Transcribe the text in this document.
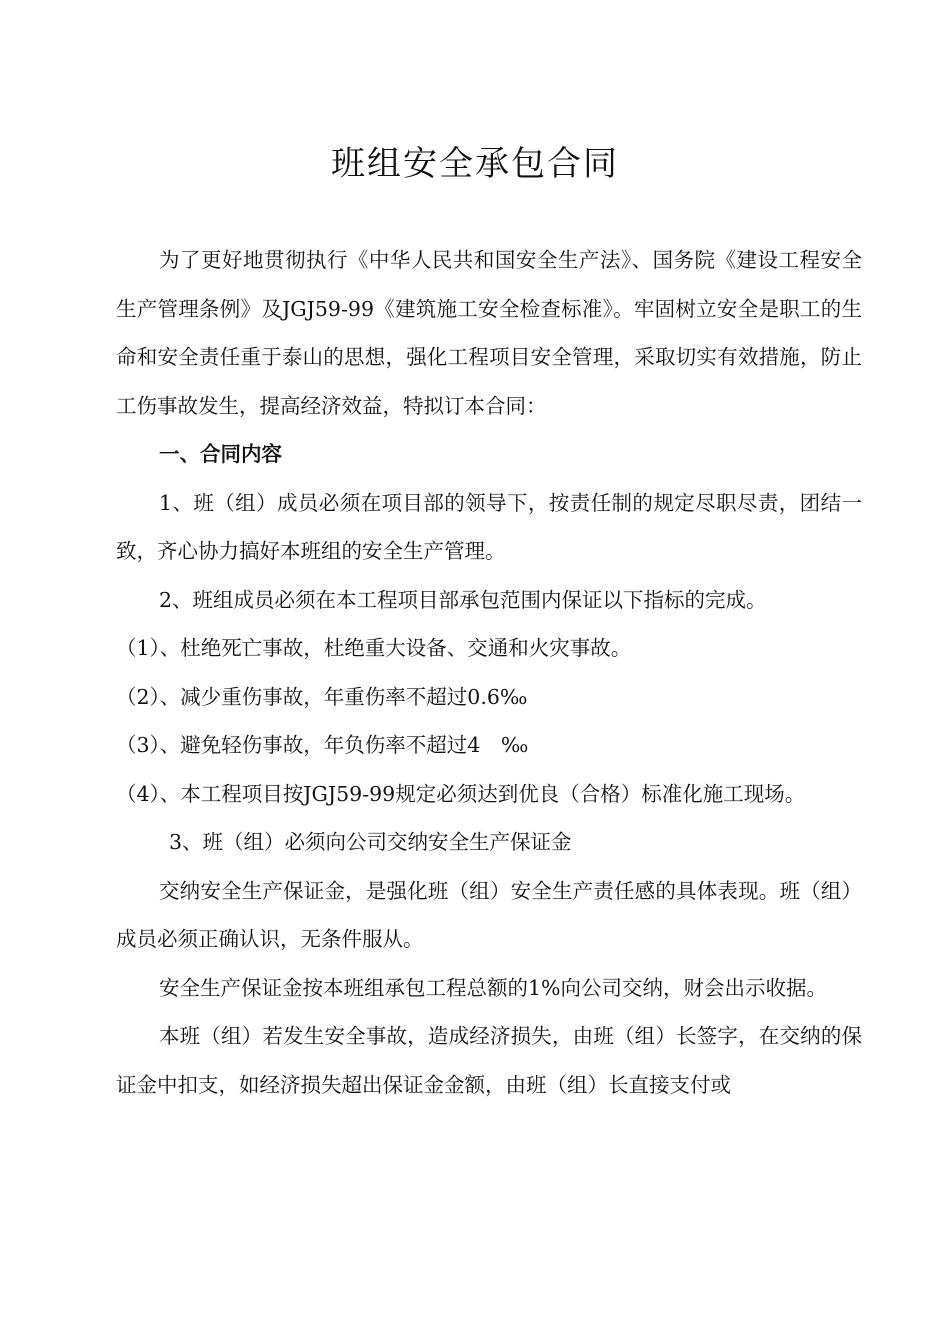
班组安全承包合同

为了更好地贯彻执行《中华人民共和国安全生产法》、国务院《建设工程安全生产管理条例》及JGJ59-99《建筑施工安全检查标准》。牢固树立安全是职工的生命和安全责任重于泰山的思想，强化工程项目安全管理，采取切实有效措施，防止工伤事故发生，提高经济效益，特拟订本合同：

一、合同内容

1、班（组）成员必须在项目部的领导下，按责任制的规定尽职尽责，团结一致，齐心协力搞好本班组的安全生产管理。

2、班组成员必须在本工程项目部承包范围内保证以下指标的完成。

（1）、杜绝死亡事故，杜绝重大设备、交通和火灾事故。

（2）、减少重伤事故，年重伤率不超过0.6‰

（3）、避免轻伤事故，年负伤率不超过4　‰

（4）、本工程项目按JGJ59-99规定必须达到优良（合格）标准化施工现场。

3、班（组）必须向公司交纳安全生产保证金

交纳安全生产保证金，是强化班（组）安全生产责任感的具体表现。班（组）成员必须正确认识，无条件服从。

安全生产保证金按本班组承包工程总额的1%向公司交纳，财会出示收据。

本班（组）若发生安全事故，造成经济损失，由班（组）长签字，在交纳的保证金中扣支，如经济损失超出保证金金额，由班（组）长直接支付或
